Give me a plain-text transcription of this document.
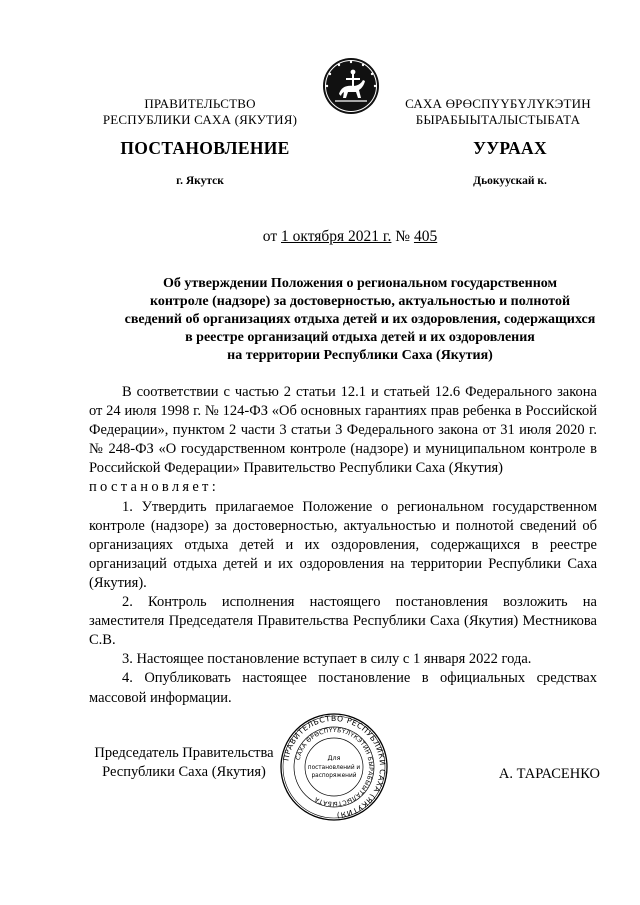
ПРАВИТЕЛЬСТВО
РЕСПУБЛИКИ САХА (ЯКУТИЯ)
САХА ӨРӨСПҮҮБҮЛҮКЭТИН
БЫРАБЫЫТАЛЫСТЫБАТА
ПОСТАНОВЛЕНИЕ	УУРААХ
г. Якутск	Дьокуускай к.
от 1 октября 2021 г. № 405
Об утверждении Положения о региональном государственном
контроле (надзоре) за достоверностью, актуальностью и полнотой
сведений об организациях отдыха детей и их оздоровления, содержащихся
в реестре организаций отдыха детей и их оздоровления
на территории Республики Саха (Якутия)

В соответствии с частью 2 статьи 12.1 и статьей 12.6 Федерального закона от 24 июля 1998 г. № 124-ФЗ «Об основных гарантиях прав ребенка в Российской Федерации», пунктом 2 части 3 статьи 3 Федерального закона от 31 июля 2020 г. № 248-ФЗ «О государственном контроле (надзоре) и муниципальном контроле в Российской Федерации» Правительство Республики Саха (Якутия)

постановляет:

1. Утвердить прилагаемое Положение о региональном государственном контроле (надзоре) за достоверностью, актуальностью и полнотой сведений об организациях отдыха детей и их оздоровления, содержащихся в реестре организаций отдыха детей и их оздоровления на территории Республики Саха (Якутия).

2. Контроль исполнения настоящего постановления возложить на заместителя Председателя Правительства Республики Саха (Якутия) Местникова С.В.

3. Настоящее постановление вступает в силу с 1 января 2022 года.

4. Опубликовать настоящее постановление в официальных средствах массовой информации.

Председатель Правительства
Республики Саха (Якутия)	А. ТАРАСЕНКО
ПРАВИТЕЛЬСТВО РЕСПУБЛИКИ САХА (ЯКУТИЯ)
САХА ӨРӨСПҮҮБҮЛҮКЭТИН БЫРАБЫЫТАЛЫСТЫБАТА
Для
постановлений и
распоряжений
